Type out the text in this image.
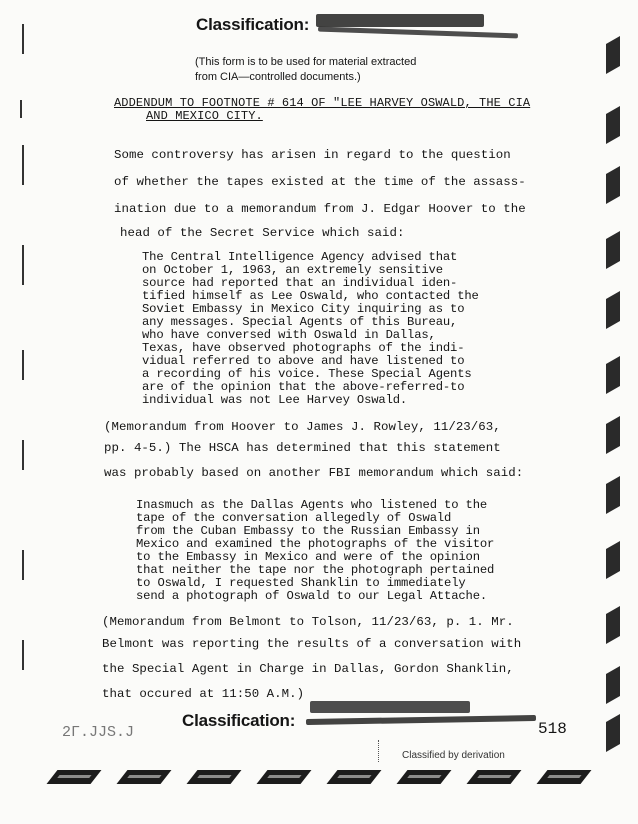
Classification:
(This form is to be used for material extracted
from CIA—controlled documents.)
ADDENDUM TO FOOTNOTE # 614 OF "LEE HARVEY OSWALD, THE CIA
AND MEXICO CITY.
Some controversy has arisen in regard to the question
of whether the tapes existed at the time of the assass-
ination due to a memorandum from J. Edgar Hoover to the
head of the Secret Service which said:
The Central Intelligence Agency advised that
on October 1, 1963, an extremely sensitive
source had reported that an individual iden-
tified himself as Lee Oswald, who contacted the
Soviet Embassy in Mexico City inquiring as to
any messages. Special Agents of this Bureau,
who have conversed with Oswald in Dallas,
Texas, have observed photographs of the indi-
vidual referred to above and have listened to
a recording of his voice. These Special Agents
are of the opinion that the above-referred-to
individual was not Lee Harvey Oswald.
(Memorandum from Hoover to James J. Rowley, 11/23/63,
pp. 4-5.) The HSCA has determined that this statement
was probably based on another FBI memorandum which said:
Inasmuch as the Dallas Agents who listened to the
tape of the conversation allegedly of Oswald
from the Cuban Embassy to the Russian Embassy in
Mexico and examined the photographs of the visitor
to the Embassy in Mexico and were of the opinion
that neither the tape nor the photograph pertained
to Oswald, I requested Shanklin to immediately
send a photograph of Oswald to our Legal Attache.
(Memorandum from Belmont to Tolson, 11/23/63, p. 1. Mr.
Belmont was reporting the results of a conversation with
the Special Agent in Charge in Dallas, Gordon Shanklin,
that occured at 11:50 A.M.)
Classification:
2Г.JJS.J	518
Classified by derivation
